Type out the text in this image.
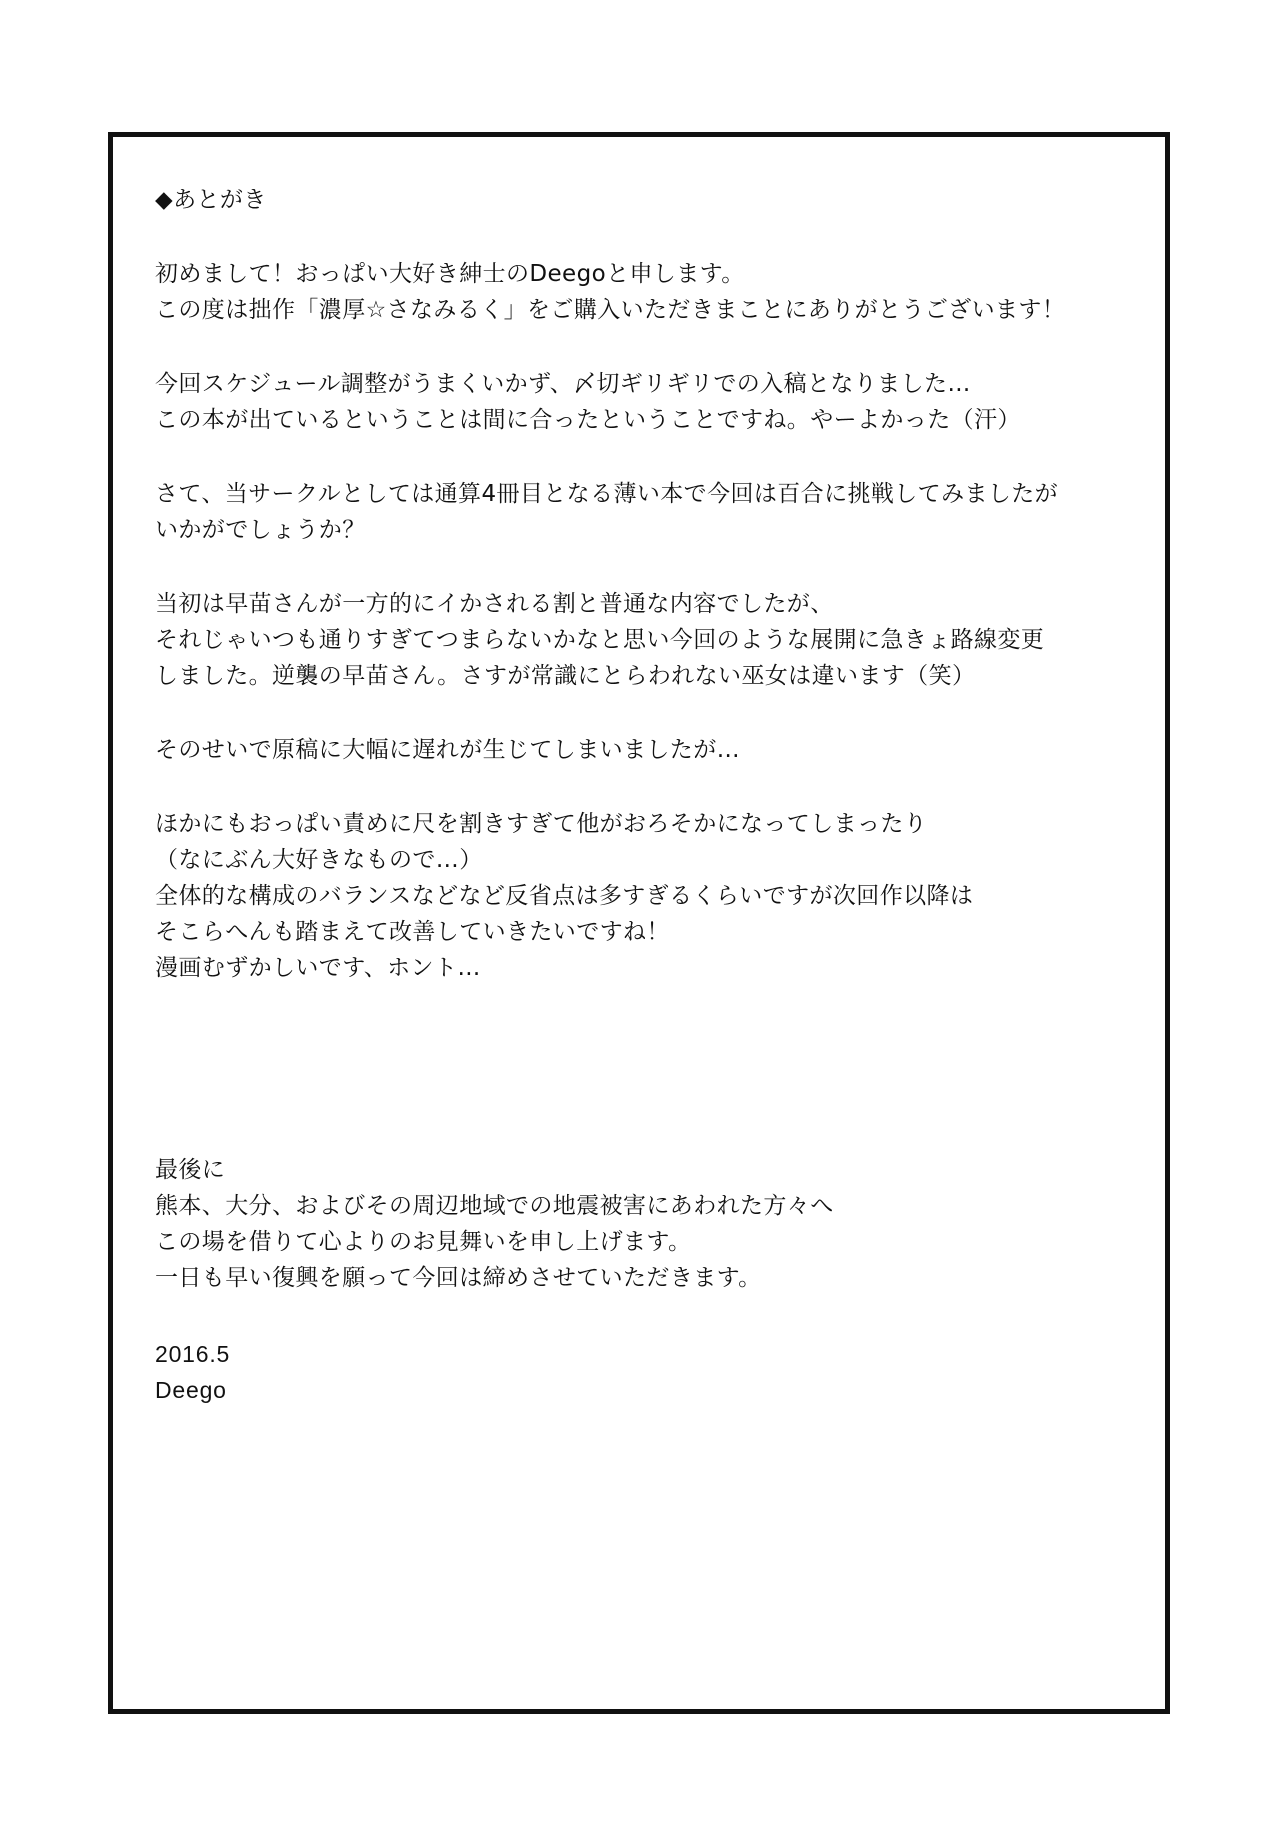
◆あとがき
初めまして！おっぱい大好き紳士のDeegoと申します。
この度は拙作「濃厚☆さなみるく」をご購入いただきまことにありがとうございます！
今回スケジュール調整がうまくいかず、〆切ギリギリでの入稿となりました…
この本が出ているということは間に合ったということですね。やーよかった（汗）
さて、当サークルとしては通算4冊目となる薄い本で今回は百合に挑戦してみましたが
いかがでしょうか？
当初は早苗さんが一方的にイかされる割と普通な内容でしたが、
それじゃいつも通りすぎてつまらないかなと思い今回のような展開に急きょ路線変更
しました。逆襲の早苗さん。さすが常識にとらわれない巫女は違います（笑）
そのせいで原稿に大幅に遅れが生じてしまいましたが…
ほかにもおっぱい責めに尺を割きすぎて他がおろそかになってしまったり
（なにぶん大好きなもので…）
全体的な構成のバランスなどなど反省点は多すぎるくらいですが次回作以降は
そこらへんも踏まえて改善していきたいですね！
漫画むずかしいです、ホント…
最後に
熊本、大分、およびその周辺地域での地震被害にあわれた方々へ
この場を借りて心よりのお見舞いを申し上げます。
一日も早い復興を願って今回は締めさせていただきます。
2016.5
Deego
